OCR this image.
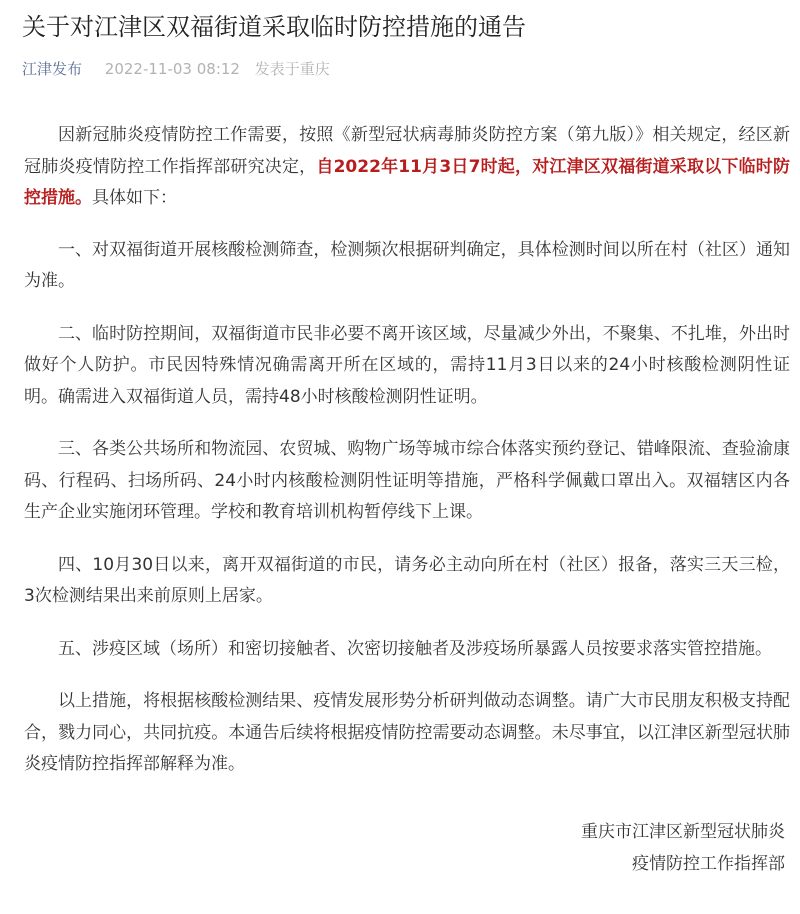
关于对江津区双福街道采取临时防控措施的通告
江津发布 2022-11-03 08:12 发表于重庆

因新冠肺炎疫情防控工作需要，按照《新型冠状病毒肺炎防控方案（第九版）》相关规定，经区新冠肺炎疫情防控工作指挥部研究决定，自2022年11月3日7时起，对江津区双福街道采取以下临时防控措施。具体如下：

一、对双福街道开展核酸检测筛查，检测频次根据研判确定，具体检测时间以所在村（社区）通知为准。

二、临时防控期间，双福街道市民非必要不离开该区域，尽量减少外出，不聚集、不扎堆，外出时做好个人防护。市民因特殊情况确需离开所在区域的，需持11月3日以来的24小时核酸检测阴性证明。确需进入双福街道人员，需持48小时核酸检测阴性证明。

三、各类公共场所和物流园、农贸城、购物广场等城市综合体落实预约登记、错峰限流、查验渝康码、行程码、扫场所码、24小时内核酸检测阴性证明等措施，严格科学佩戴口罩出入。双福辖区内各生产企业实施闭环管理。学校和教育培训机构暂停线下上课。

四、10月30日以来，离开双福街道的市民，请务必主动向所在村（社区）报备，落实三天三检，3次检测结果出来前原则上居家。

五、涉疫区域（场所）和密切接触者、次密切接触者及涉疫场所暴露人员按要求落实管控措施。

以上措施，将根据核酸检测结果、疫情发展形势分析研判做动态调整。请广大市民朋友积极支持配合，戮力同心，共同抗疫。本通告后续将根据疫情防控需要动态调整。未尽事宜，以江津区新型冠状肺炎疫情防控指挥部解释为准。

重庆市江津区新型冠状肺炎
疫情防控工作指挥部
